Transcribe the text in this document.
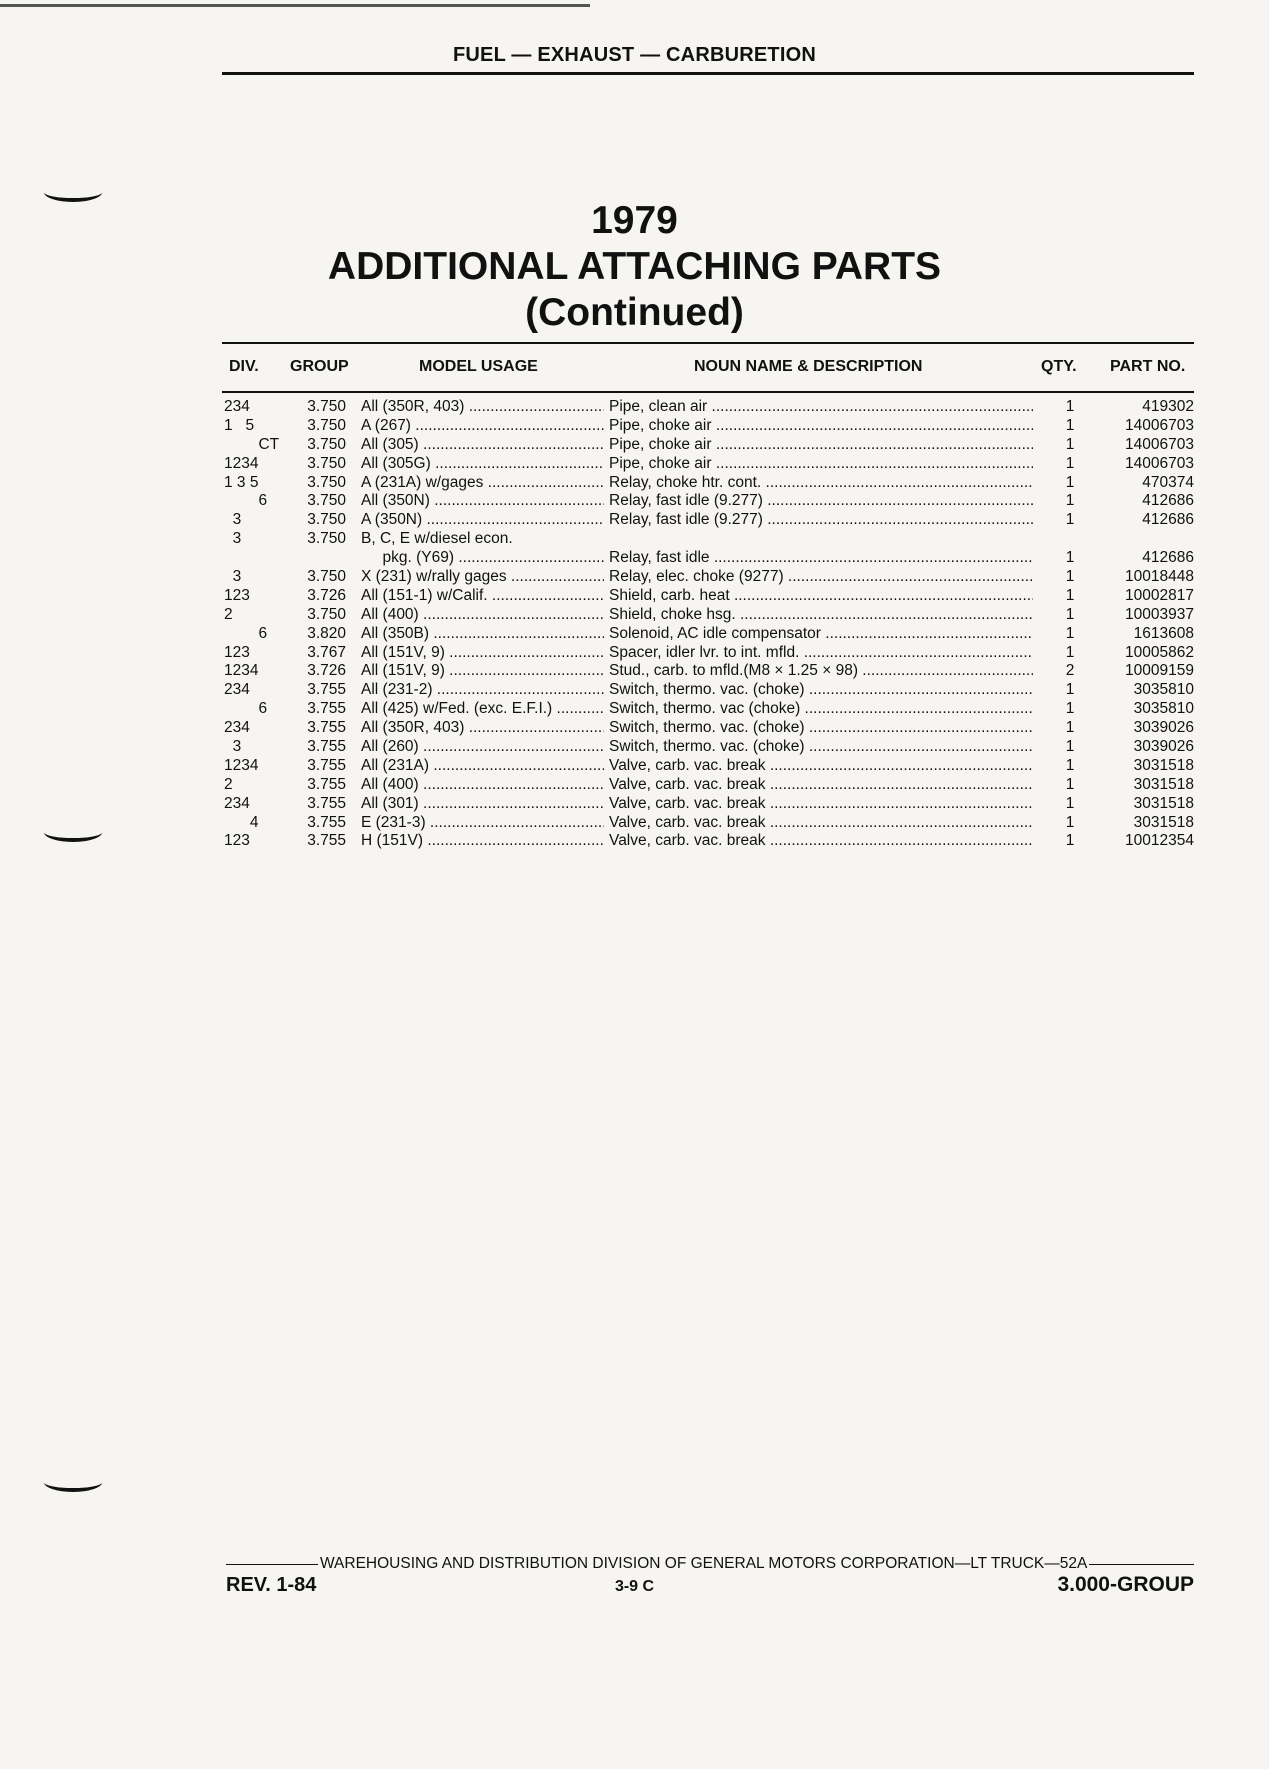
FUEL — EXHAUST — CARBURETION
1979
ADDITIONAL ATTACHING PARTS
(Continued)
DIV. GROUP	MODEL USAGE	NOUN NAME & DESCRIPTION	QTY. PART NO.
234	3.750 All (350R, 403) .....	Pipe, clean air .....	1	419302
1   5	3.750 A (267) .....	Pipe, choke air .....	1	14006703
CT	3.750 All (305) .....	Pipe, choke air .....	1	14006703
1234	3.750 All (305G) .....	Pipe, choke air .....	1	14006703
1 3 5	3.750 A (231A) w/gages .....	Relay, choke htr. cont. .....	1	470374
6	3.750 All (350N) .....	Relay, fast idle (9.277) .....	1	412686
3	3.750 A (350N) .....	Relay, fast idle (9.277) .....	1	412686
3	3.750 B, C, E w/diesel econ.
pkg. (Y69) .....	Relay, fast idle .....	1	412686
3	3.750 X (231) w/rally gages .....	Relay, elec. choke (9277) .....	1	10018448
123	3.726 All (151-1) w/Calif. .....	Shield, carb. heat .....	1	10002817
2	3.750 All (400) .....	Shield, choke hsg. .....	1	10003937
6	3.820 All (350B) .....	Solenoid, AC idle compensator .....	1	1613608
123	3.767 All (151V, 9) .....	Spacer, idler lvr. to int. mfld. .....	1	10005862
1234	3.726 All (151V, 9) .....	Stud., carb. to mfld.(M8 × 1.25 × 98) .....	2	10009159
234	3.755 All (231-2) .....	Switch, thermo. vac. (choke) .....	1	3035810
6	3.755 All (425) w/Fed. (exc. E.F.I.) .....	Switch, thermo. vac (choke) .....	1	3035810
234	3.755 All (350R, 403) .....	Switch, thermo. vac. (choke) .....	1	3039026
3	3.755 All (260) .....	Switch, thermo. vac. (choke) .....	1	3039026
1234	3.755 All (231A) .....	Valve, carb. vac. break .....	1	3031518
2	3.755 All (400) .....	Valve, carb. vac. break .....	1	3031518
234	3.755 All (301) .....	Valve, carb. vac. break .....	1	3031518
4	3.755 E (231-3) .....	Valve, carb. vac. break .....	1	3031518
123	3.755 H (151V) .....	Valve, carb. vac. break .....	1	10012354
WAREHOUSING AND DISTRIBUTION DIVISION OF GENERAL MOTORS CORPORATION—LT TRUCK—52A
REV. 1-84	3-9 C	3.000-GROUP
